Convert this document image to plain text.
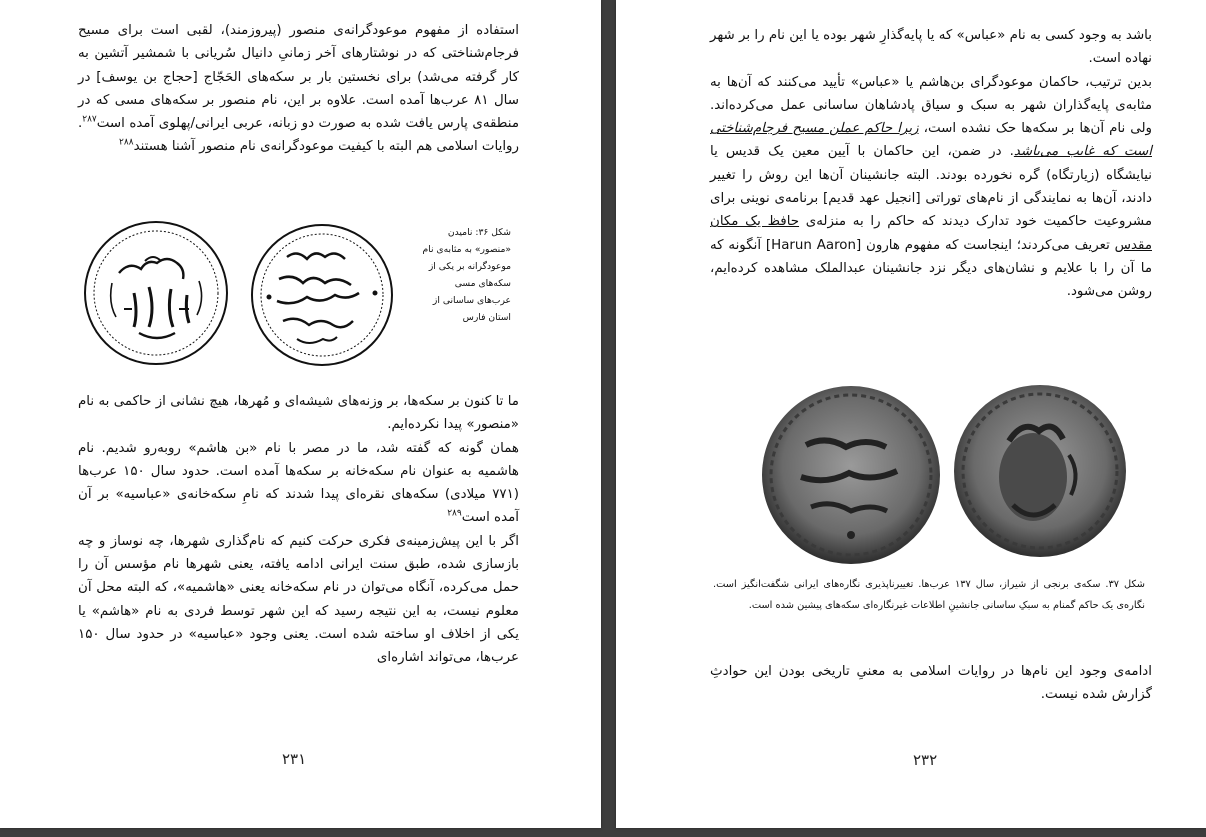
استفاده از مفهوم موعودگرانه‌ی منصور (پیروزمند)، لقبی است برای مسیح فرجام‌شناختی که در نوشتارهای آخر زمانیِ دانیال سُریانی با شمشیر آتشین به کار گرفته می‌شد) برای نخستین بار بر سکه‌های الحَجّاج [حجاج بن یوسف] در سال ۸۱ عرب‌ها آمده است. علاوه بر این، نام منصور بر سکه‌های مسی که در منطقه‌ی پارس یافت شده به صورت دو زبانه، عربی ایرانی/پهلوی آمده است$^{۲۸۷}$. روایات اسلامی هم البته با کیفیت موعودگرانه‌ی نام منصور آشنا هستند$^{۲۸۸}$

شکل ۳۶: نامیدن «منصور» به مثابه‌ی نام موعودگرانه بر یکی از سکه‌های مسی عرب‌های ساسانی از استان فارس

ما تا کنون بر سکه‌ها، بر وزنه‌های شیشه‌ای و مُهرها، هیچ نشانی از حاکمی به نام «منصور» پیدا نکرده‌ایم.

همان گونه که گفته شد، ما در مصر با نام «بن هاشم» روبه‌رو شدیم. نام هاشمیه به عنوان نام سکه‌خانه بر سکه‌ها آمده است. حدود سال ۱۵۰ عرب‌ها (۷۷۱ میلادی) سکه‌های نقره‌ای پیدا شدند که نامِ سکه‌خانه‌ی «عباسیه» بر آن آمده است$^{۲۸۹}$

اگر با این پیش‌زمینه‌ی فکری حرکت کنیم که نام‌گذاری شهرها، چه نوساز و چه بازسازی شده، طبق سنت ایرانی ادامه یافته، یعنی شهرها نام مؤسس آن را حمل می‌کرده، آنگاه می‌توان در نام سکه‌خانه یعنی «هاشمیه»، که البته محل آن معلوم نیست، به این نتیجه رسید که این شهر توسط فردی به نام «هاشم» یا یکی از اخلاف او ساخته شده است. یعنی وجود «عباسیه» در حدود سال ۱۵۰ عرب‌ها، می‌تواند اشاره‌ای

۲۳۱

باشد به وجود کسی به نام «عباس» که یا پایه‌گذارِ شهر بوده یا این نام را بر شهر نهاده است.

بدین ترتیب، حاکمان موعودگرای بن‌هاشم یا «عباس» تأیید می‌کنند که آن‌ها به مثابه‌ی پایه‌گذاران شهر به سبک و سیاق پادشاهان ساسانی عمل می‌کرده‌اند. ولی نام آن‌ها بر سکه‌ها حک نشده است، زیرا حاکم عملن مسیح فرجام‌شناختی است که غایب می‌باشد. در ضمن، این حاکمان با آیین معین یک قدیس یا نیایشگاه (زیارتگاه) گره نخورده بودند. البته جانشینان آن‌ها این روش را تغییر دادند، آن‌ها به نمایندگی از نام‌های توراتی [انجیل عهد قدیم] برنامه‌ی نوینی برای مشروعیت حاکمیت خود تدارک دیدند که حاکم را به منزله‌ی حافظ یک مکان مقدس تعریف می‌کردند؛ اینجاست که مفهوم هارون [Harun Aaron] آنگونه که ما آن را با علایم و نشان‌های دیگر نزد جانشینان عبدالملک مشاهده کرده‌ایم، روشن می‌شود.

شکل ۳۷. سکه‌ی برنجی از شیراز، سال ۱۳۷ عرب‌ها. تغییرناپذیری نگاره‌های ایرانی شگفت‌انگیز است. نگاره‌ی یک حاکم گمنام به سبکِ ساسانی جانشینِ اطلاعات غیرنگاره‌ای سکه‌های پیشین شده است.
ادامه‌ی وجود این نام‌ها در روایات اسلامی به معنیِ تاریخی بودن این حوادثِ گزارش شده نیست.
۲۳۲
